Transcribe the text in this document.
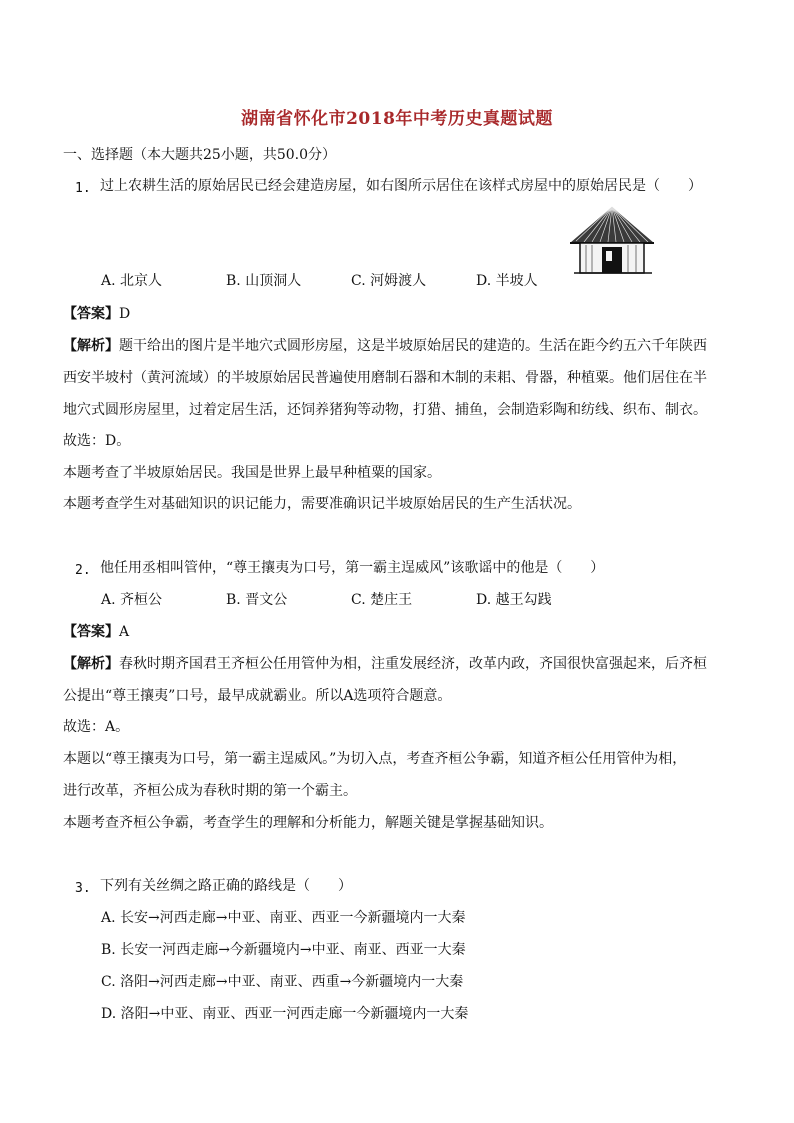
湖南省怀化市2018年中考历史真题试题
一、选择题（本大题共25小题，共50.0分）
1. 过上农耕生活的原始居民已经会建造房屋，如右图所示居住在该样式房屋中的原始居民是（　　）
A. 北京人	B. 山顶洞人	C. 河姆渡人	D. 半坡人
【答案】D
【解析】题干给出的图片是半地穴式圆形房屋，这是半坡原始居民的建造的。生活在距今约五六千年陕西
西安半坡村（黄河流域）的半坡原始居民普遍使用磨制石器和木制的耒耜、骨器，种植粟。他们居住在半
地穴式圆形房屋里，过着定居生活，还饲养猪狗等动物，打猎、捕鱼，会制造彩陶和纺线、织布、制衣。
故选：D。
本题考查了半坡原始居民。我国是世界上最早种植粟的国家。
本题考查学生对基础知识的识记能力，需要准确识记半坡原始居民的生产生活状况。
2. 他任用丞相叫管仲，“尊王攘夷为口号，第一霸主逞威风”该歌谣中的他是（　　）
A. 齐桓公	B. 晋文公	C. 楚庄王	D. 越王勾践
【答案】A
【解析】春秋时期齐国君王齐桓公任用管仲为相，注重发展经济，改革内政，齐国很快富强起来，后齐桓
公提出“尊王攘夷”口号，最早成就霸业。所以A选项符合题意。
故选：A。
本题以“尊王攘夷为口号，第一霸主逞威风。”为切入点，考查齐桓公争霸，知道齐桓公任用管仲为相，
进行改革，齐桓公成为春秋时期的第一个霸主。
本题考查齐桓公争霸，考查学生的理解和分析能力，解题关键是掌握基础知识。
3. 下列有关丝绸之路正确的路线是（　　）
A. 长安→河西走廊→中亚、南亚、西亚一今新疆境内一大秦
B. 长安一河西走廊→今新疆境内→中亚、南亚、西亚一大秦
C. 洛阳→河西走廊→中亚、南亚、西重→今新疆境内一大秦
D. 洛阳→中亚、南亚、西亚一河西走廊一今新疆境内一大秦
